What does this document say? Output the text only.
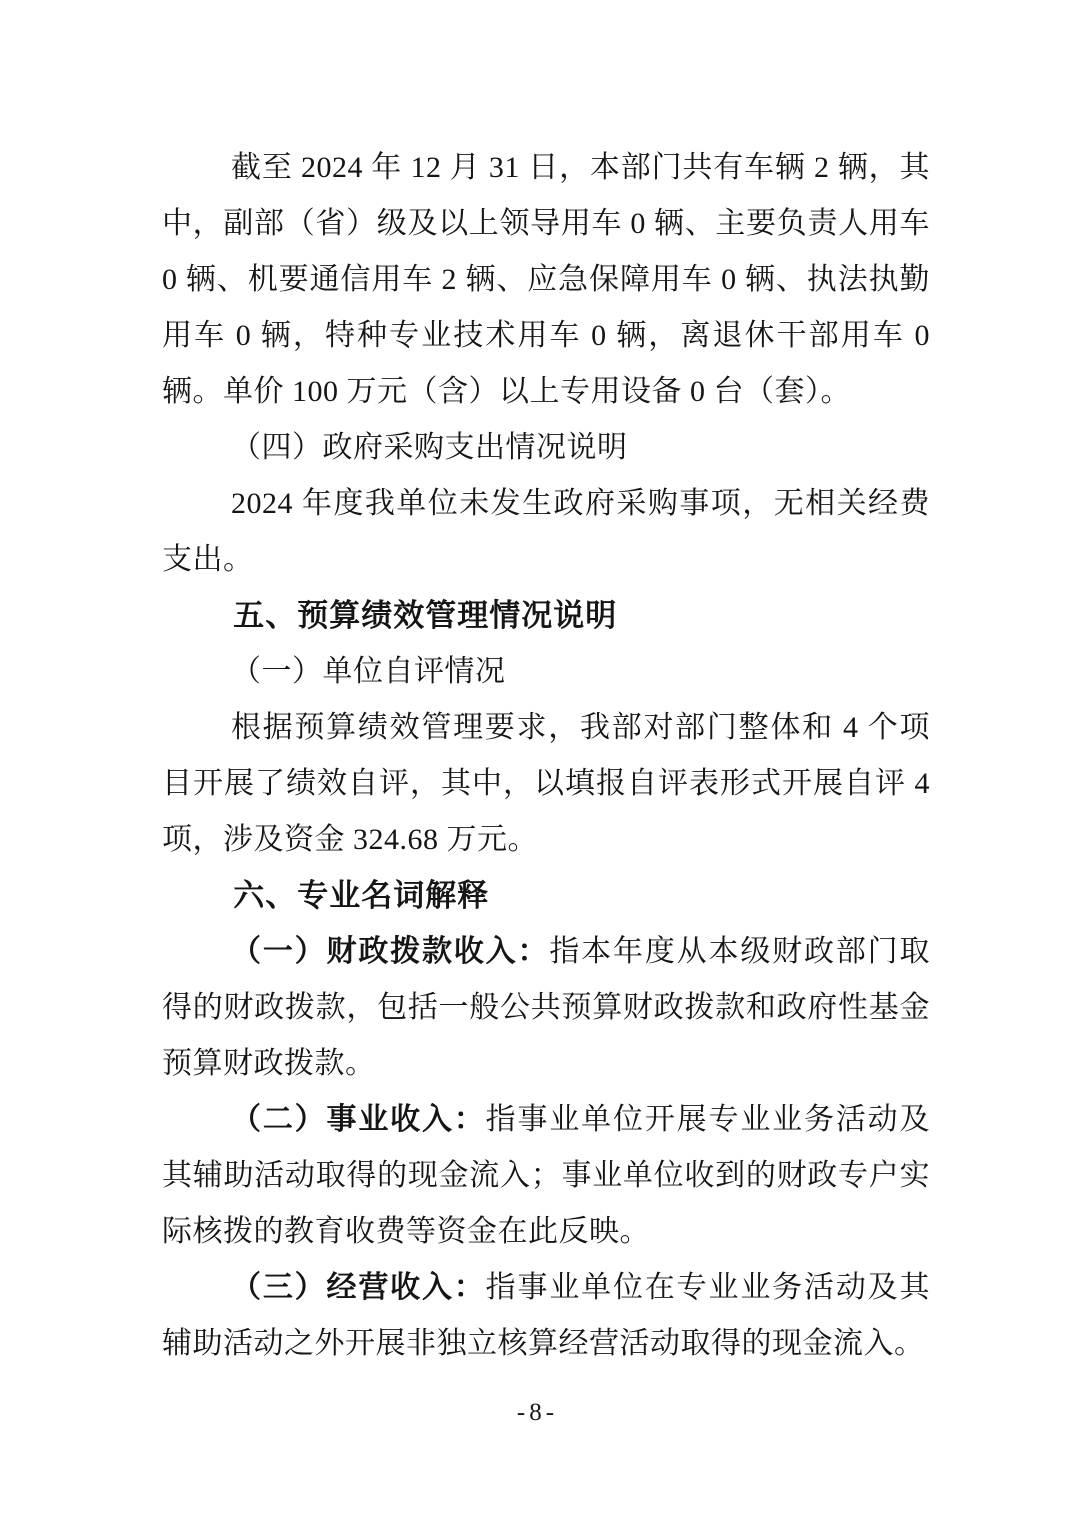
截至 2024 年 12 月 31 日，本部门共有车辆 2 辆，其中，副部（省）级及以上领导用车 0 辆、主要负责人用车 0 辆、机要通信用车 2 辆、应急保障用车 0 辆、执法执勤用车 0 辆，特种专业技术用车 0 辆，离退休干部用车 0 辆。单价 100 万元（含）以上专用设备 0 台（套）。

（四）政府采购支出情况说明

2024 年度我单位未发生政府采购事项，无相关经费支出。

五、预算绩效管理情况说明

（一）单位自评情况

根据预算绩效管理要求，我部对部门整体和 4 个项目开展了绩效自评，其中，以填报自评表形式开展自评 4 项，涉及资金 324.68 万元。

六、专业名词解释

（一）财政拨款收入：指本年度从本级财政部门取得的财政拨款，包括一般公共预算财政拨款和政府性基金预算财政拨款。

（二）事业收入：指事业单位开展专业业务活动及其辅助活动取得的现金流入；事业单位收到的财政专户实际核拨的教育收费等资金在此反映。

（三）经营收入：指事业单位在专业业务活动及其辅助活动之外开展非独立核算经营活动取得的现金流入。

-8-
